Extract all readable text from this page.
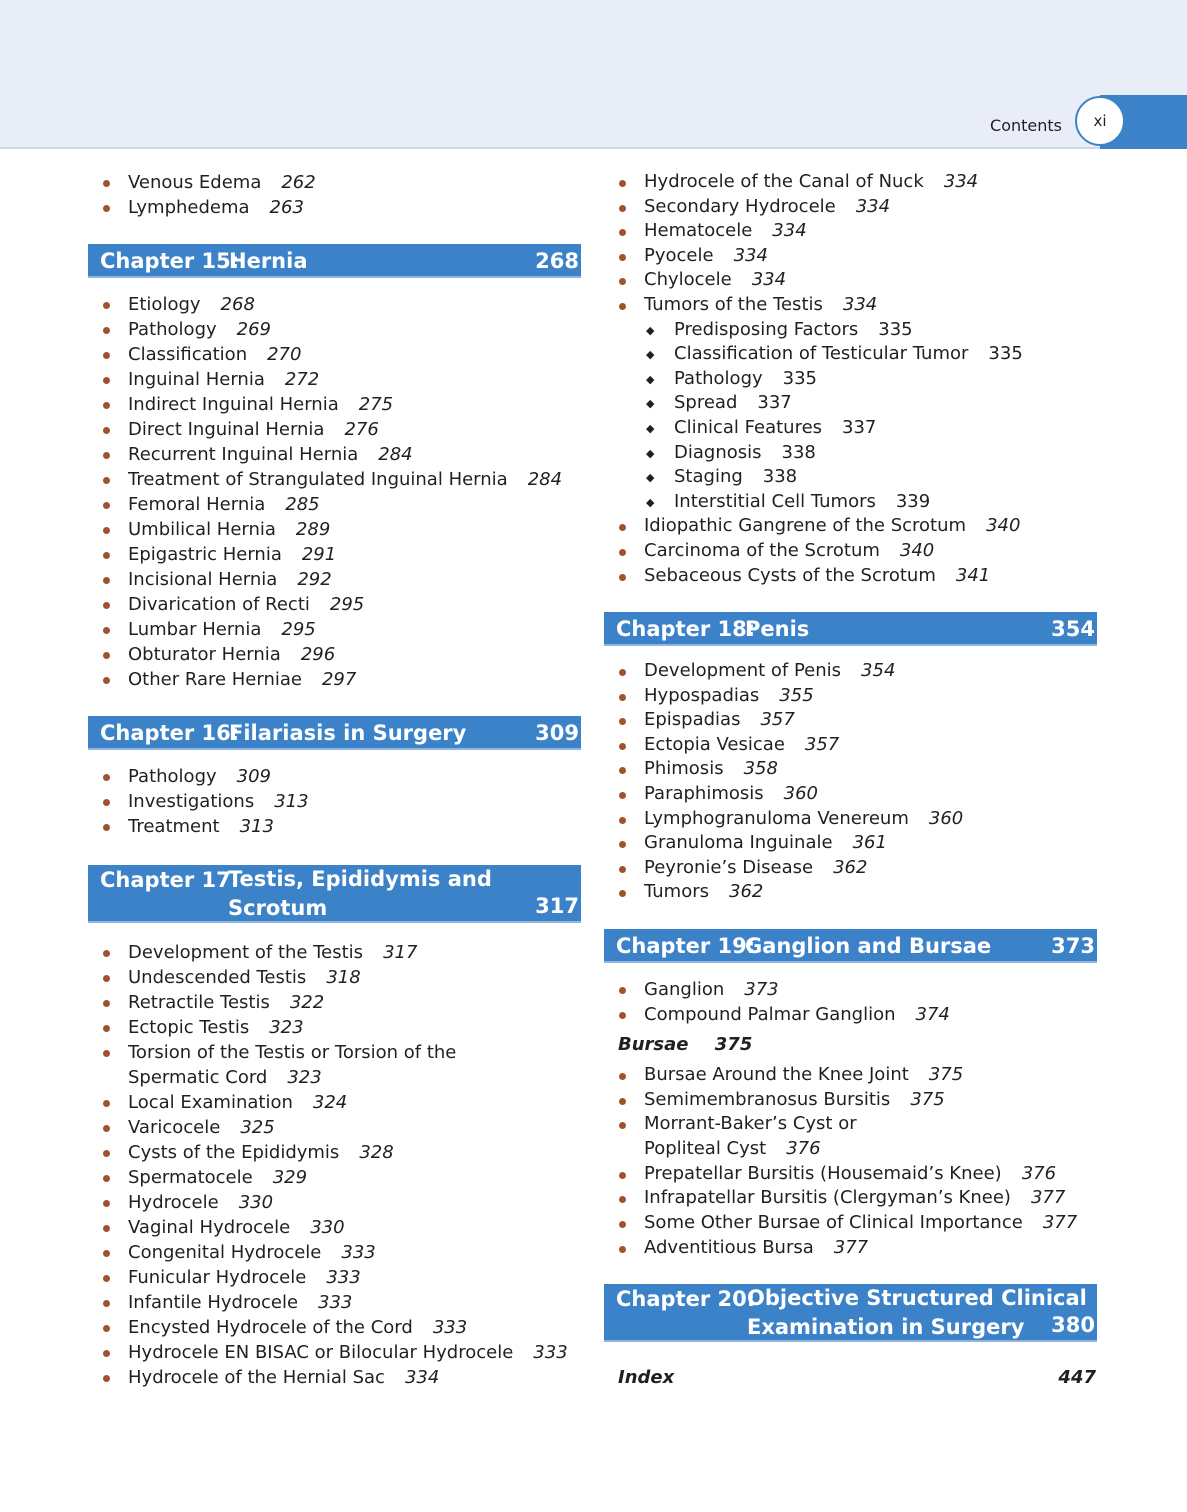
Contents	xi
Venous Edema 262
Lymphedema 263
Chapter 15:
Hernia	268
Etiology 268
Pathology 269
Classification 270
Inguinal Hernia 272
Indirect Inguinal Hernia 275
Direct Inguinal Hernia 276
Recurrent Inguinal Hernia 284
Treatment of Strangulated Inguinal Hernia 284
Femoral Hernia 285
Umbilical Hernia 289
Epigastric Hernia 291
Incisional Hernia 292
Divarication of Recti 295
Lumbar Hernia 295
Obturator Hernia 296
Other Rare Herniae 297
Chapter 16:
Filariasis in Surgery	309
Pathology 309
Investigations 313
Treatment 313
Chapter 17:
Testis, Epididymis and
Scrotum	317
Development of the Testis 317
Undescended Testis 318
Retractile Testis 322
Ectopic Testis 323
Torsion of the Testis or Torsion of the
Spermatic Cord 323
Local Examination 324
Varicocele 325
Cysts of the Epididymis 328
Spermatocele 329
Hydrocele 330
Vaginal Hydrocele 330
Congenital Hydrocele 333
Funicular Hydrocele 333
Infantile Hydrocele 333
Encysted Hydrocele of the Cord 333
Hydrocele EN BISAC or Bilocular Hydrocele 333
Hydrocele of the Hernial Sac 334
Hydrocele of the Canal of Nuck 334
Secondary Hydrocele 334
Hematocele 334
Pyocele 334
Chylocele 334
Tumors of the Testis 334
◆ Predisposing Factors 335
◆ Classification of Testicular Tumor 335
◆ Pathology 335
◆ Spread 337
◆ Clinical Features 337
◆ Diagnosis 338
◆ Staging 338
◆ Interstitial Cell Tumors 339
Idiopathic Gangrene of the Scrotum 340
Carcinoma of the Scrotum 340
Sebaceous Cysts of the Scrotum 341
Chapter 18:
Penis	354
Development of Penis 354
Hypospadias 355
Epispadias 357
Ectopia Vesicae 357
Phimosis 358
Paraphimosis 360
Lymphogranuloma Venereum 360
Granuloma Inguinale 361
Peyronie’s Disease 362
Tumors 362
Chapter 19:
Ganglion and Bursae	373
Ganglion 373
Compound Palmar Ganglion 374
Bursae 375
Bursae Around the Knee Joint 375
Semimembranosus Bursitis 375
Morrant-Baker’s Cyst or
Popliteal Cyst 376
Prepatellar Bursitis (Housemaid’s Knee) 376
Infrapatellar Bursitis (Clergyman’s Knee) 377
Some Other Bursae of Clinical Importance 377
Adventitious Bursa 377
Chapter 20:
Objective Structured Clinical
Examination in Surgery 380
Index	447
